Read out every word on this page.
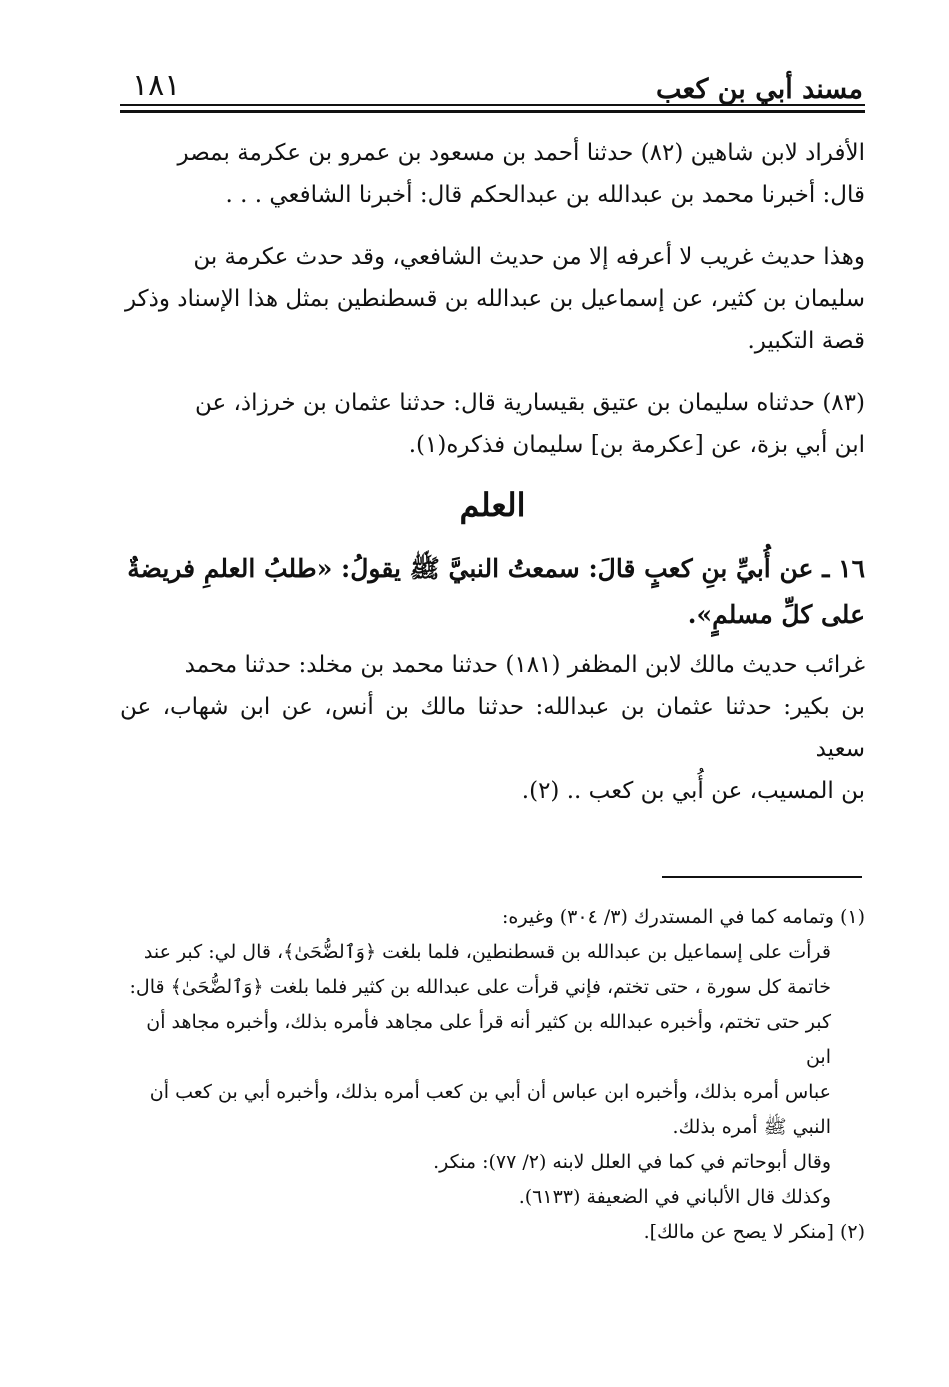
١٨١	مسند أبي بن كعب

الأفراد لابن شاهين (٨٢) حدثنا أحمد بن مسعود بن عمرو بن عكرمة بمصر
قال: أخبرنا محمد بن عبدالله بن عبدالحكم قال: أخبرنا الشافعي . . .

وهذا حديث غريب لا أعرفه إلا من حديث الشافعي، وقد حدث عكرمة بن
سليمان بن كثير، عن إسماعيل بن عبدالله بن قسطنطين بمثل هذا الإسناد وذكر
قصة التكبير.

(٨٣) حدثناه سليمان بن عتيق بقيسارية قال: حدثنا عثمان بن خرزاذ، عن
ابن أبي بزة، عن [عكرمة بن] سليمان فذكره(١).

العلم

١٦ ـ عن أُبيِّ بنِ كعبٍ قالَ: سمعتُ النبيَّ ﷺ يقولُ: «طلبُ العلمِ فريضةٌ
على كلِّ مسلمٍ».

غرائب حديث مالك لابن المظفر (١٨١) حدثنا محمد بن مخلد: حدثنا محمد
بن بكير: حدثنا عثمان بن عبدالله: حدثنا مالك بن أنس، عن ابن شهاب، عن سعيد
بن المسيب، عن أُبي بن كعب .. (٢).

(١) وتمامه كما في المستدرك (٣/ ٣٠٤) وغيره:
قرأت على إسماعيل بن عبدالله بن قسطنطين، فلما بلغت ﴿وَٱلضُّحَىٰ﴾، قال لي: كبر عند
خاتمة كل سورة ، حتى تختم، فإني قرأت على عبدالله بن كثير فلما بلغت ﴿وَٱلضُّحَىٰ﴾ قال:
كبر حتى تختم، وأخبره عبدالله بن كثير أنه قرأ على مجاهد فأمره بذلك، وأخبره مجاهد أن ابن
عباس أمره بذلك، وأخبره ابن عباس أن أبي بن كعب أمره بذلك، وأخبره أبي بن كعب أن
النبي ﷺ أمره بذلك.
وقال أبوحاتم في كما في العلل لابنه (٢/ ٧٧): منكر.
وكذلك قال الألباني في الضعيفة (٦١٣٣).
(٢) [منكر لا يصح عن مالك].
